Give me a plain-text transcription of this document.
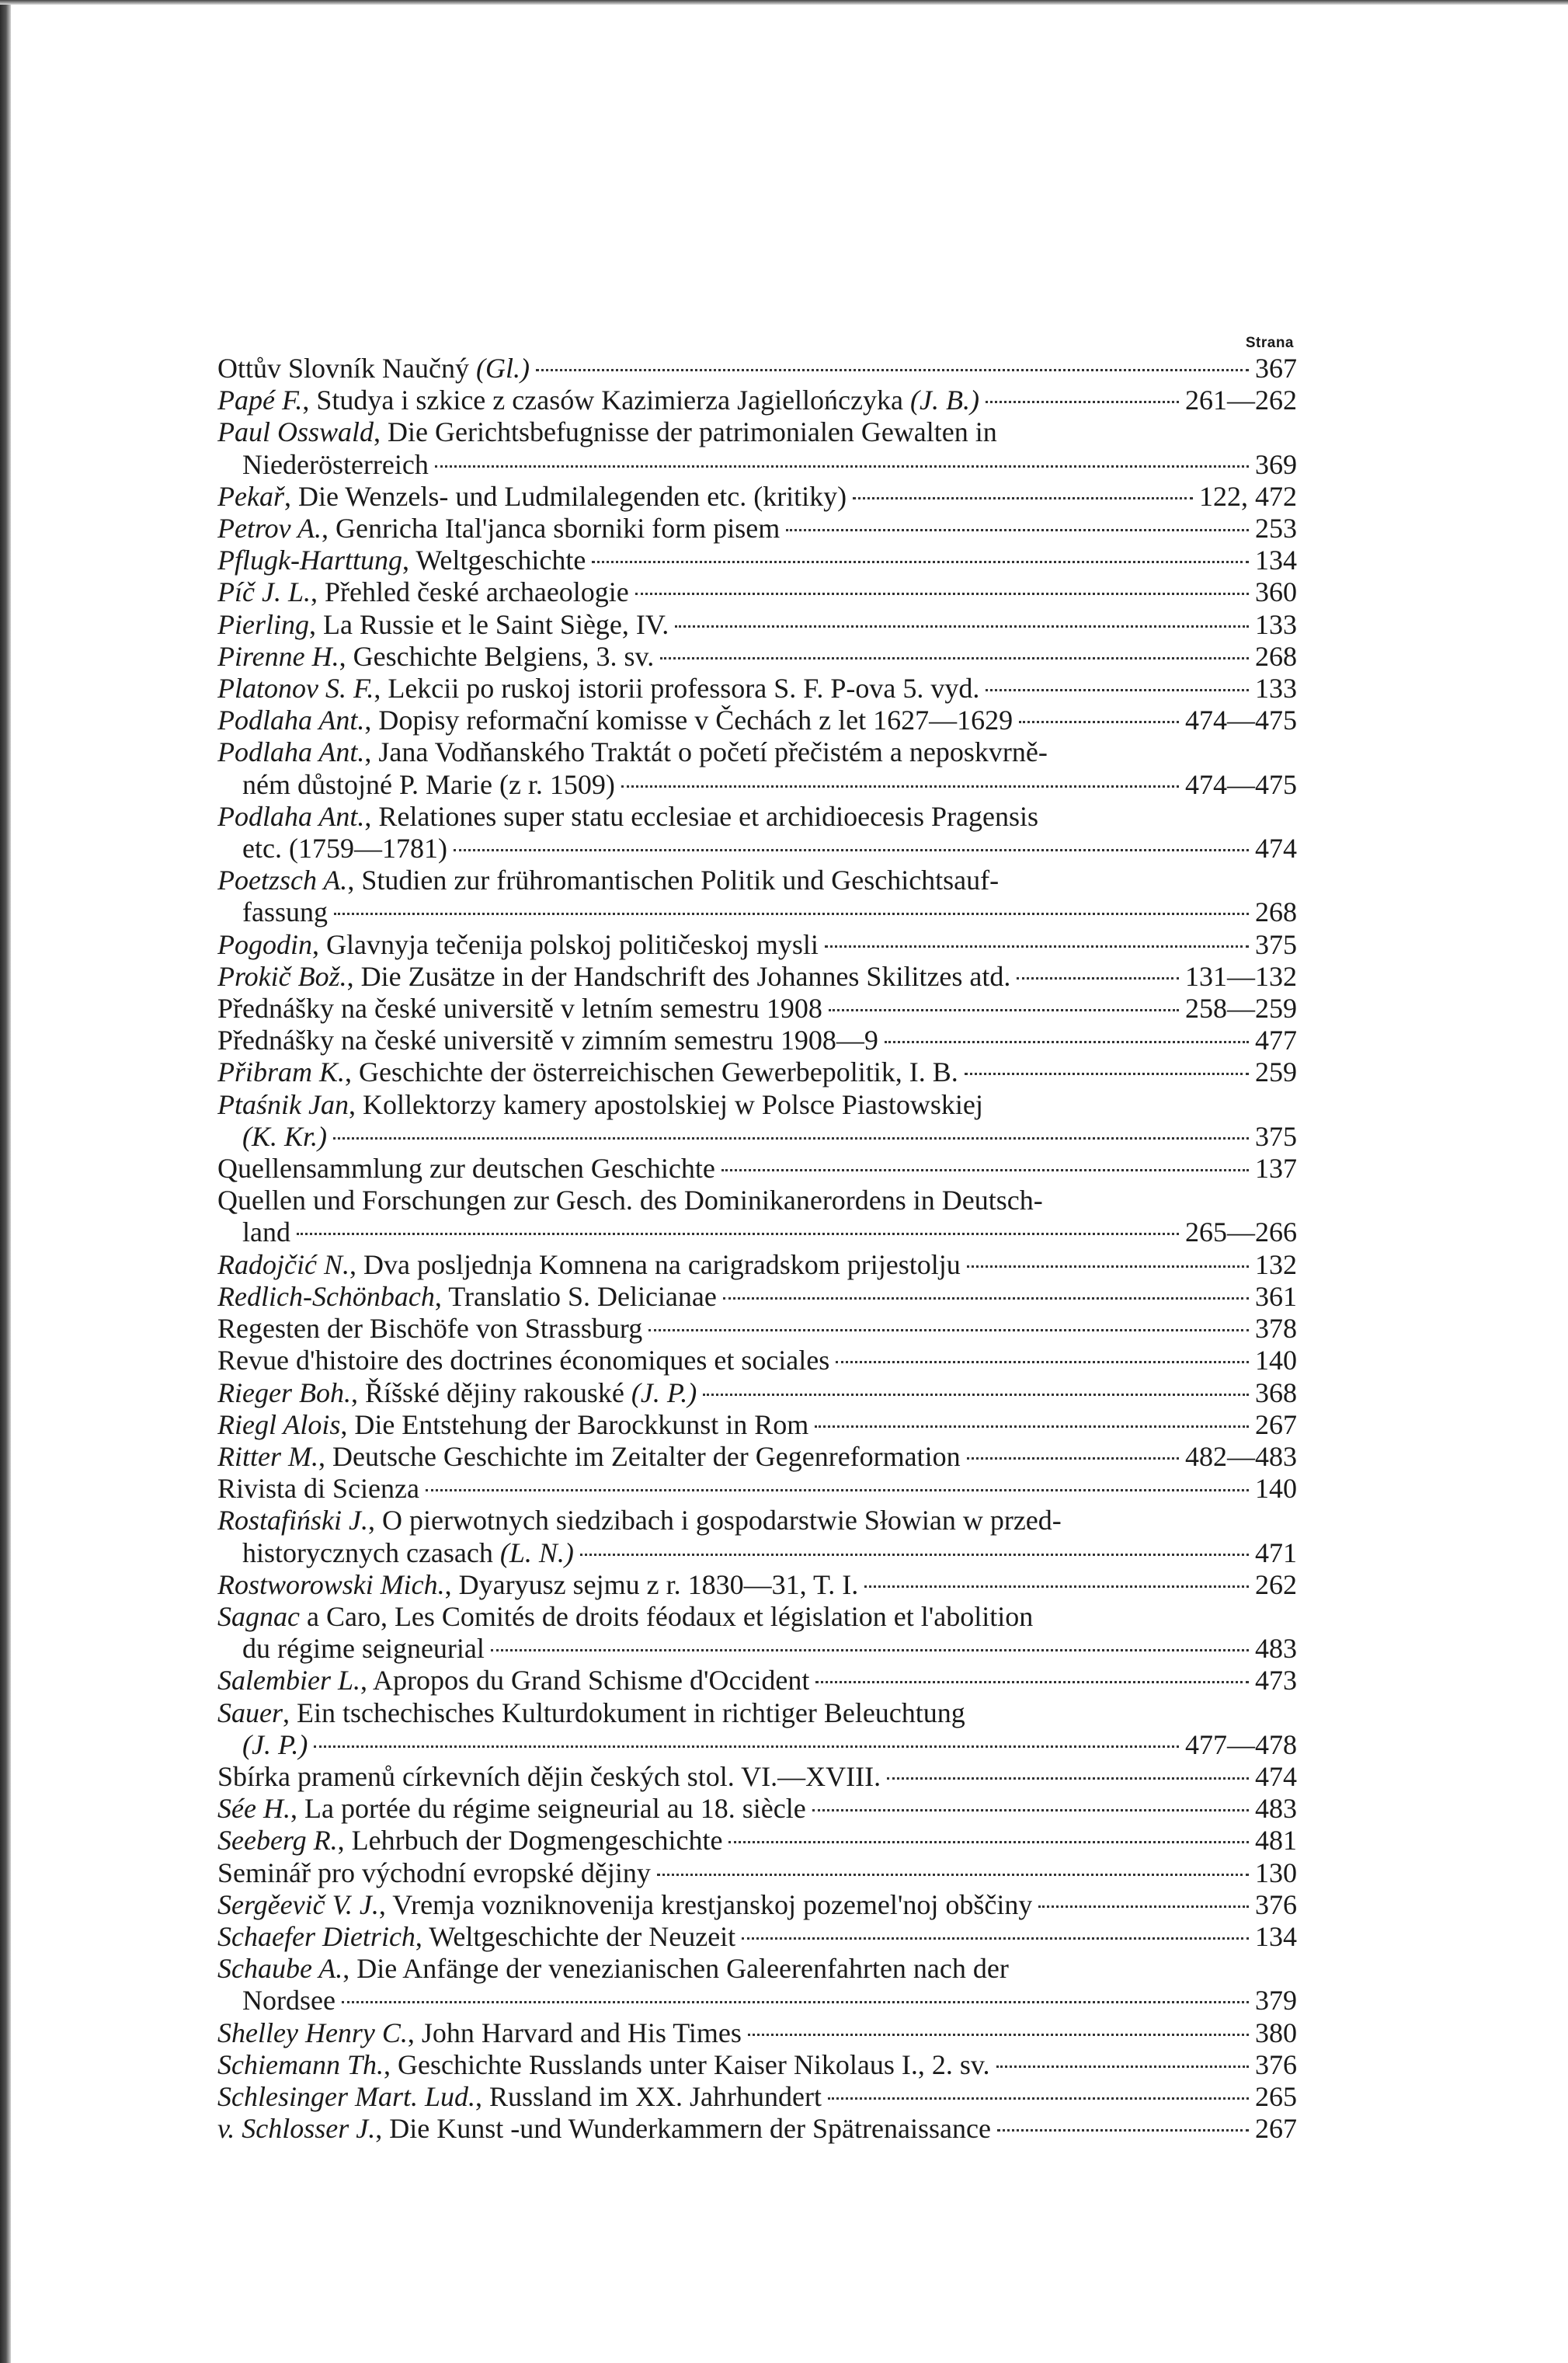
Strana
Ottův Slovník Naučný (Gl.)	367
Papé F., Studya i szkice z czasów Kazimierza Jagiellończyka (J. B.)	261—262
Paul Osswald, Die Gerichtsbefugnisse der patrimonialen Gewalten in
Niederösterreich	369
Pekař, Die Wenzels- und Ludmilalegenden etc. (kritiky)	122, 472
Petrov A., Genricha Ital'janca sborniki form pisem	253
Pflugk-Harttung, Weltgeschichte	134
Píč J. L., Přehled české archaeologie	360
Pierling, La Russie et le Saint Siège, IV.	133
Pirenne H., Geschichte Belgiens, 3. sv.	268
Platonov S. F., Lekcii po ruskoj istorii professora S. F. P-ova 5. vyd.	133
Podlaha Ant., Dopisy reformační komisse v Čechách z let 1627—1629	474—475
Podlaha Ant., Jana Vodňanského Traktát o početí přečistém a neposkvrně-
ném důstojné P. Marie (z r. 1509)	474—475
Podlaha Ant., Relationes super statu ecclesiae et archidioecesis Pragensis
etc. (1759—1781)	474
Poetzsch A., Studien zur frühromantischen Politik und Geschichtsauf-
fassung	268
Pogodin, Glavnyja tečenija polskoj političeskoj mysli	375
Prokič Bož., Die Zusätze in der Handschrift des Johannes Skilitzes atd.	131—132
Přednášky na české universitě v letním semestru 1908	258—259
Přednášky na české universitě v zimním semestru 1908—9	477
Přibram K., Geschichte der österreichischen Gewerbepolitik, I. B.	259
Ptaśnik Jan, Kollektorzy kamery apostolskiej w Polsce Piastowskiej
(K. Kr.)	375
Quellensammlung zur deutschen Geschichte	137
Quellen und Forschungen zur Gesch. des Dominikanerordens in Deutsch-
land	265—266
Radojčić N., Dva posljednja Komnena na carigradskom prijestolju	132
Redlich-Schönbach, Translatio S. Delicianae	361
Regesten der Bischöfe von Strassburg	378
Revue d'histoire des doctrines économiques et sociales	140
Rieger Boh., Říšské dějiny rakouské (J. P.)	368
Riegl Alois, Die Entstehung der Barockkunst in Rom	267
Ritter M., Deutsche Geschichte im Zeitalter der Gegenreformation	482—483
Rivista di Scienza	140
Rostafiński J., O pierwotnych siedzibach i gospodarstwie Słowian w przed-
historycznych czasach (L. N.)	471
Rostworowski Mich., Dyaryusz sejmu z r. 1830—31, T. I.	262
Sagnac a Caro, Les Comités de droits féodaux et législation et l'abolition
du régime seigneurial	483
Salembier L., Apropos du Grand Schisme d'Occident	473
Sauer, Ein tschechisches Kulturdokument in richtiger Beleuchtung
(J. P.)	477—478
Sbírka pramenů církevních dějin českých stol. VI.—XVIII.	474
Sée H., La portée du régime seigneurial au 18. siècle	483
Seeberg R., Lehrbuch der Dogmengeschichte	481
Seminář pro východní evropské dějiny	130
Sergěevič V. J., Vremja vozniknovenija krestjanskoj pozemel'noj obščiny	376
Schaefer Dietrich, Weltgeschichte der Neuzeit	134
Schaube A., Die Anfänge der venezianischen Galeerenfahrten nach der
Nordsee	379
Shelley Henry C., John Harvard and His Times	380
Schiemann Th., Geschichte Russlands unter Kaiser Nikolaus I., 2. sv.	376
Schlesinger Mart. Lud., Russland im XX. Jahrhundert	265
v. Schlosser J., Die Kunst -und Wunderkammern der Spätrenaissance	267
